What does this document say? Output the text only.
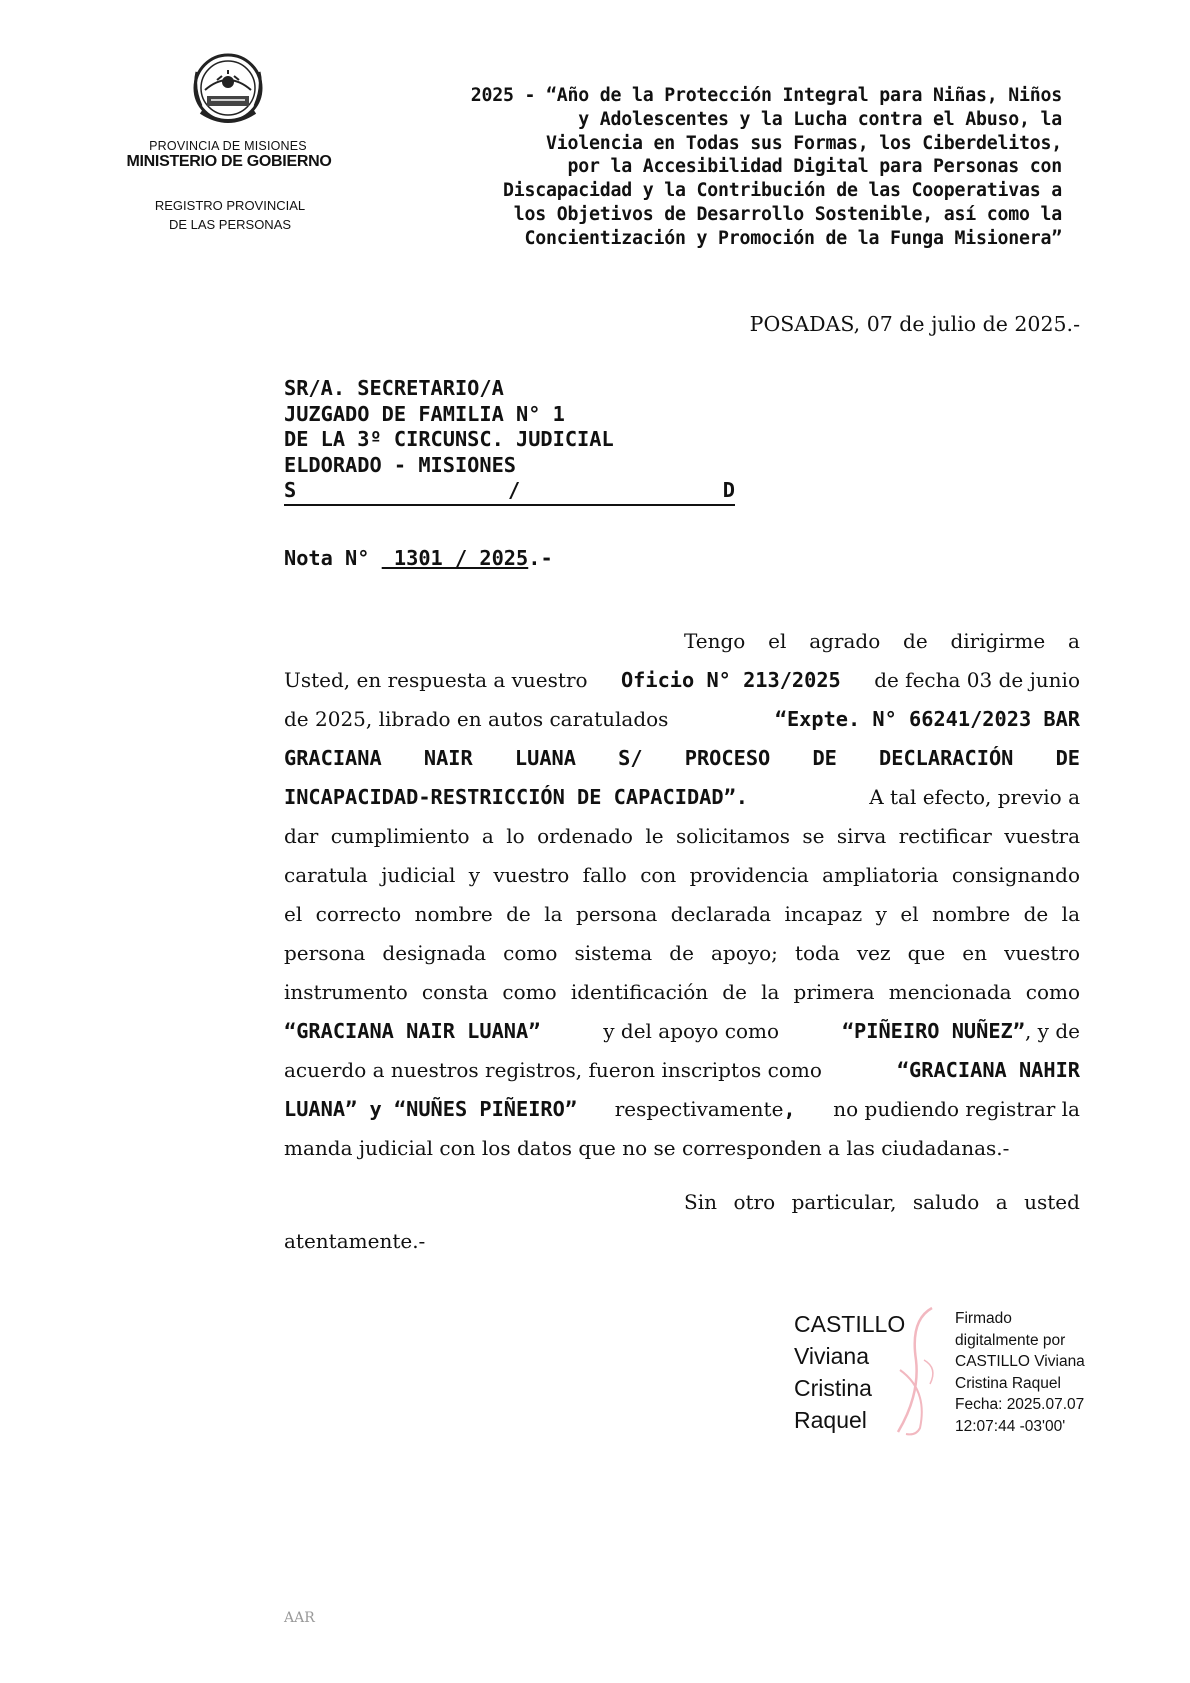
PROVINCIA DE MISIONES
MINISTERIO DE GOBIERNO
REGISTRO PROVINCIAL
DE LAS PERSONAS
2025 - “Año de la Protección Integral para Niñas, Niños
y Adolescentes y la Lucha contra el Abuso, la
Violencia en Todas sus Formas, los Ciberdelitos,
por la Accesibilidad Digital para Personas con
Discapacidad y la Contribución de las Cooperativas a
los Objetivos de Desarrollo Sostenible, así como la
Concientización y Promoción de la Funga Misionera”
POSADAS, 07 de julio de 2025.-
SR/A. SECRETARIO/A
JUZGADO DE FAMILIA N° 1
DE LA 3º CIRCUNSC. JUDICIAL
ELDORADO - MISIONES
S	/	D
Nota N°  1301 / 2025.-
Tengo el agrado de dirigirme a
Usted, en respuesta a vuestro Oficio N° 213/2025 de fecha 03 de junio
de 2025, librado en autos caratulados	“Expte. N° 66241/2023 BAR
GRACIANA NAIR LUANA S/ PROCESO DE DECLARACIÓN DE
INCAPACIDAD-RESTRICCIÓN DE CAPACIDAD”.	A tal efecto, previo a
dar cumplimiento a lo ordenado le solicitamos se sirva rectificar vuestra
caratula judicial y vuestro fallo con providencia ampliatoria consignando
el correcto nombre de la persona declarada incapaz y el nombre de la
persona designada como sistema de apoyo; toda vez que en vuestro
instrumento consta como identificación de la primera mencionada como
“GRACIANA NAIR LUANA”	y del apoyo como	“PIÑEIRO NUÑEZ”, y de
acuerdo a nuestros registros, fueron inscriptos como	“GRACIANA NAHIR
LUANA” y “NUÑES PIÑEIRO” respectivamente, no pudiendo registrar la
manda judicial con los datos que no se corresponden a las ciudadanas.-
Sin otro particular, saludo a usted
atentamente.-
CASTILLO
Viviana
Cristina
Raquel
Firmado
digitalmente por
CASTILLO Viviana
Cristina Raquel
Fecha: 2025.07.07
12:07:44 -03'00'
AAR
